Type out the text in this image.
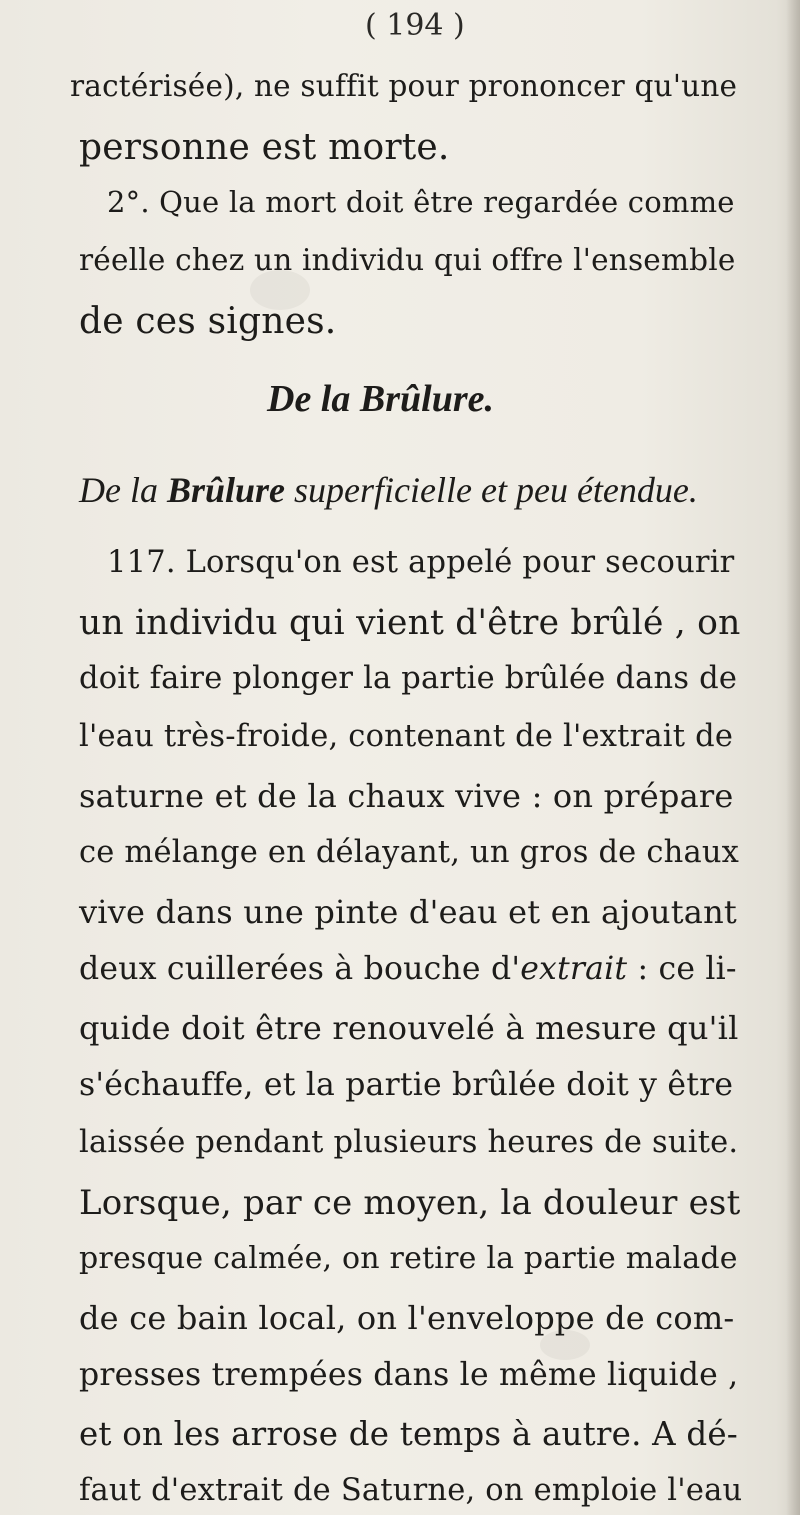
( 194 )
ractérisée), ne suffit pour prononcer qu'une
personne est morte.
2°. Que la mort doit être regardée comme
réelle chez un individu qui offre l'ensemble
de ces signes.
De la Brûlure.
De la Brûlure superficielle et peu étendue.
117. Lorsqu'on est appelé pour secourir
un individu qui vient d'être brûlé , on
doit faire plonger la partie brûlée dans de
l'eau très-froide, contenant de l'extrait de
saturne et de la chaux vive : on prépare
ce mélange en délayant, un gros de chaux
vive dans une pinte d'eau et en ajoutant
deux cuillerées à bouche d'extrait : ce li-
quide doit être renouvelé à mesure qu'il
s'échauffe, et la partie brûlée doit y être
laissée pendant plusieurs heures de suite.
Lorsque, par ce moyen, la douleur est
presque calmée, on retire la partie malade
de ce bain local, on l'enveloppe de com-
presses trempées dans le même liquide ,
et on les arrose de temps à autre. A dé-
faut d'extrait de Saturne, on emploie l'eau
